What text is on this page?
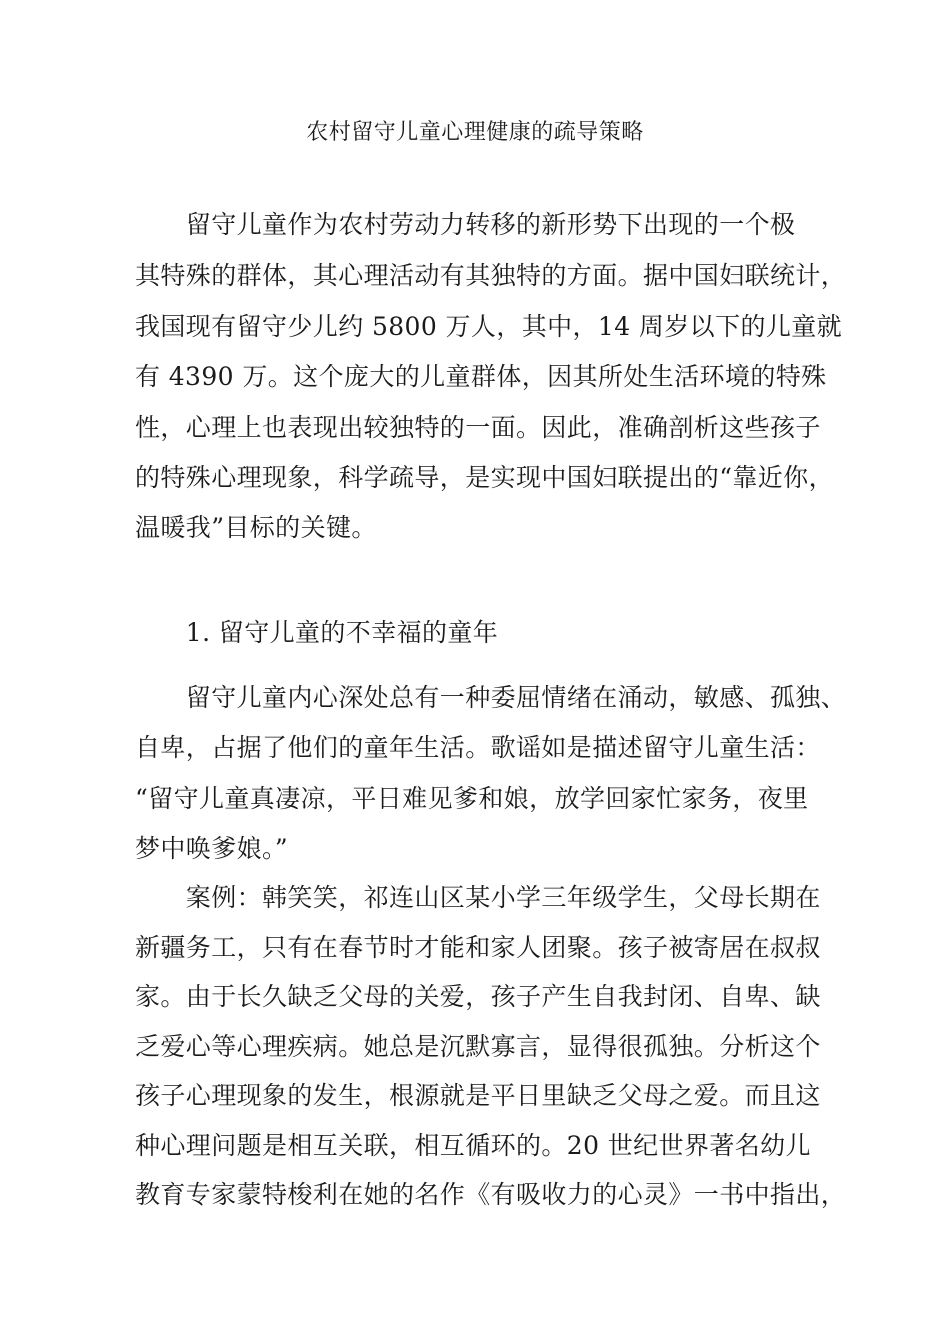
农村留守儿童心理健康的疏导策略
　　留守儿童作为农村劳动力转移的新形势下出现的一个极
其特殊的群体，其心理活动有其独特的方面。据中国妇联统计，
我国现有留守少儿约 5800 万人，其中，14 周岁以下的儿童就
有 4390 万。这个庞大的儿童群体，因其所处生活环境的特殊
性，心理上也表现出较独特的一面。因此，准确剖析这些孩子
的特殊心理现象，科学疏导，是实现中国妇联提出的“靠近你，
温暖我”目标的关键。
　　1. 留守儿童的不幸福的童年
　　留守儿童内心深处总有一种委屈情绪在涌动，敏感、孤独、
自卑，占据了他们的童年生活。歌谣如是描述留守儿童生活：
“留守儿童真凄凉，平日难见爹和娘，放学回家忙家务，夜里
梦中唤爹娘。”
　　案例：韩笑笑，祁连山区某小学三年级学生，父母长期在
新疆务工，只有在春节时才能和家人团聚。孩子被寄居在叔叔
家。由于长久缺乏父母的关爱，孩子产生自我封闭、自卑、缺
乏爱心等心理疾病。她总是沉默寡言，显得很孤独。分析这个
孩子心理现象的发生，根源就是平日里缺乏父母之爱。而且这
种心理问题是相互关联，相互循环的。20 世纪世界著名幼儿
教育专家蒙特梭利在她的名作《有吸收力的心灵》一书中指出，
